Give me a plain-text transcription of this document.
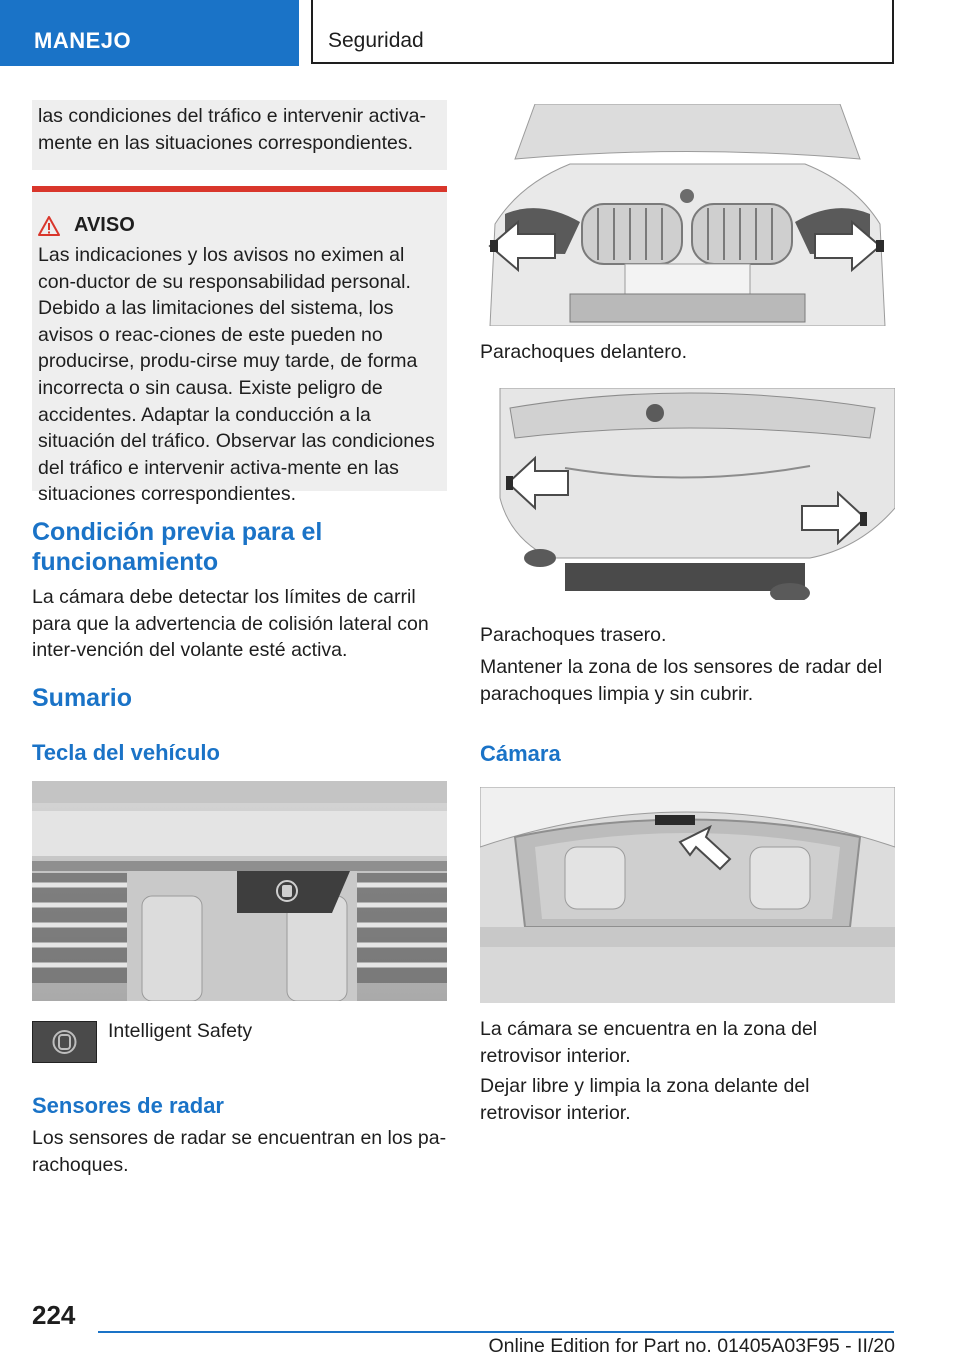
MANEJO	Seguridad

las condiciones del tráfico e intervenir activa-
mente en las situaciones correspondientes.

AVISO

Las indicaciones y los avisos no eximen al con-ductor de su responsabilidad personal. Debido a las limitaciones del sistema, los avisos o reac-ciones de este pueden no producirse, produ-cirse muy tarde, de forma incorrecta o sin causa. Existe peligro de accidentes. Adaptar la conducción a la situación del tráfico. Observar las condiciones del tráfico e intervenir activa-mente en las situaciones correspondientes.

Condición previa para el funcionamiento

La cámara debe detectar los límites de carril para que la advertencia de colisión lateral con inter-vención del volante esté activa.

Sumario
Tecla del vehículo

Intelligent Safety

Sensores de radar

Los sensores de radar se encuentran en los pa-rachoques.

Parachoques delantero.

Parachoques trasero.

Mantener la zona de los sensores de radar del parachoques limpia y sin cubrir.

Cámara

La cámara se encuentra en la zona del retrovisor interior.

Dejar libre y limpia la zona delante del retrovisor interior.

224
Online Edition for Part no. 01405A03F95 - II/20
